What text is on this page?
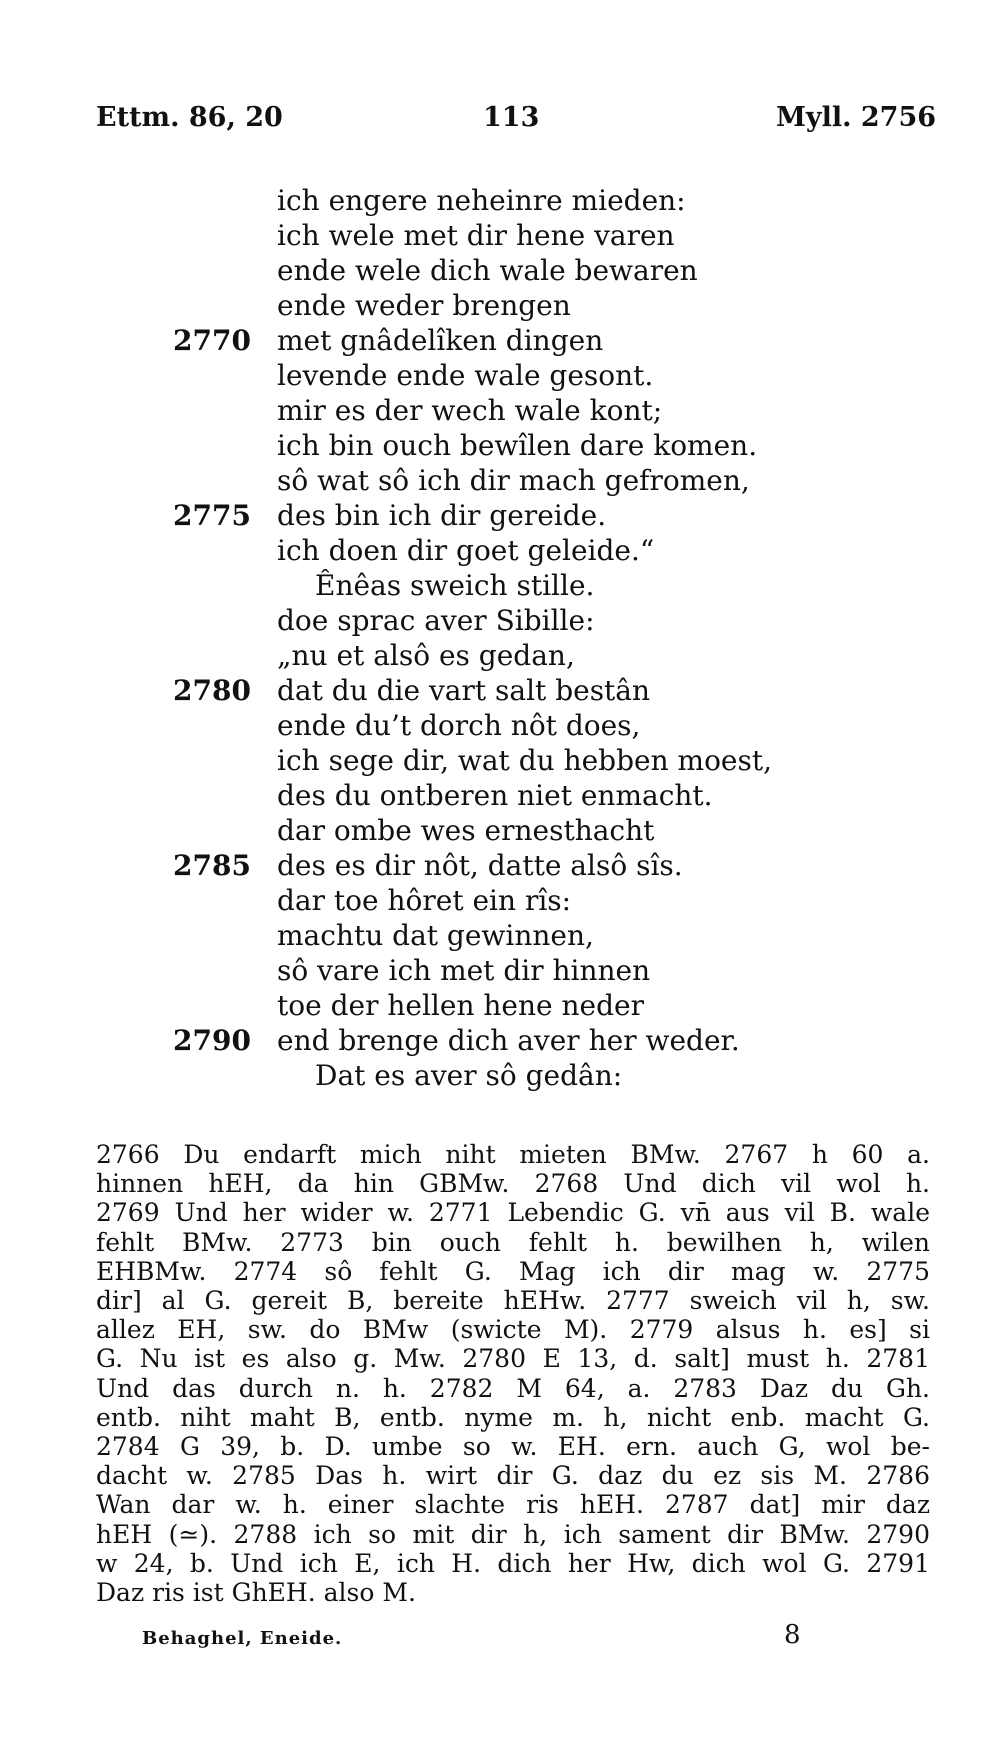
Ettm. 86, 20	113	Myll. 2756
ich engere neheinre mieden:
ich wele met dir hene varen
ende wele dich wale bewaren
ende weder brengen
2770 met gnâdelîken dingen
levende ende wale gesont.
mir es der wech wale kont;
ich bin ouch bewîlen dare komen.
sô wat sô ich dir mach gefromen,
2775 des bin ich dir gereide.
ich doen dir goet geleide.“
Ênêas sweich stille.
doe sprac aver Sibille:
„nu et alsô es gedan,
2780 dat du die vart salt bestân
ende du’t dorch nôt does,
ich sege dir, wat du hebben moest,
des du ontberen niet enmacht.
dar ombe wes ernesthacht
2785 des es dir nôt, datte alsô sîs.
dar toe hôret ein rîs:
machtu dat gewinnen,
sô vare ich met dir hinnen
toe der hellen hene neder
2790 end brenge dich aver her weder.
Dat es aver sô gedân:
2766 Du endarft mich niht mieten BMw. 2767 h 60 a.
hinnen hEH, da hin GBMw. 2768 Und dich vil wol h.
2769 Und her wider w. 2771 Lebendic G. vn̄ aus vil B. wale
fehlt BMw. 2773 bin ouch fehlt h. bewilhen h, wilen
EHBMw. 2774 sô fehlt G. Mag ich dir mag w. 2775
dir] al G. gereit B, bereite hEHw. 2777 sweich vil h, sw.
allez EH, sw. do BMw (swicte M). 2779 alsus h. es] si
G. Nu ist es also g. Mw. 2780 E 13, d. salt] must h. 2781
Und das durch n. h. 2782 M 64, a. 2783 Daz du Gh.
entb. niht maht B, entb. nyme m. h, nicht enb. macht G.
2784 G 39, b. D. umbe so w. EH. ern. auch G, wol be-
dacht w. 2785 Das h. wirt dir G. daz du ez sis M. 2786
Wan dar w. h. einer slachte ris hEH. 2787 dat] mir daz
hEH (≃). 2788 ich so mit dir h, ich sament dir BMw. 2790
w 24, b. Und ich E, ich H. dich her Hw, dich wol G. 2791
Daz ris ist GhEH. also M.
Behaghel, Eneide.	8
